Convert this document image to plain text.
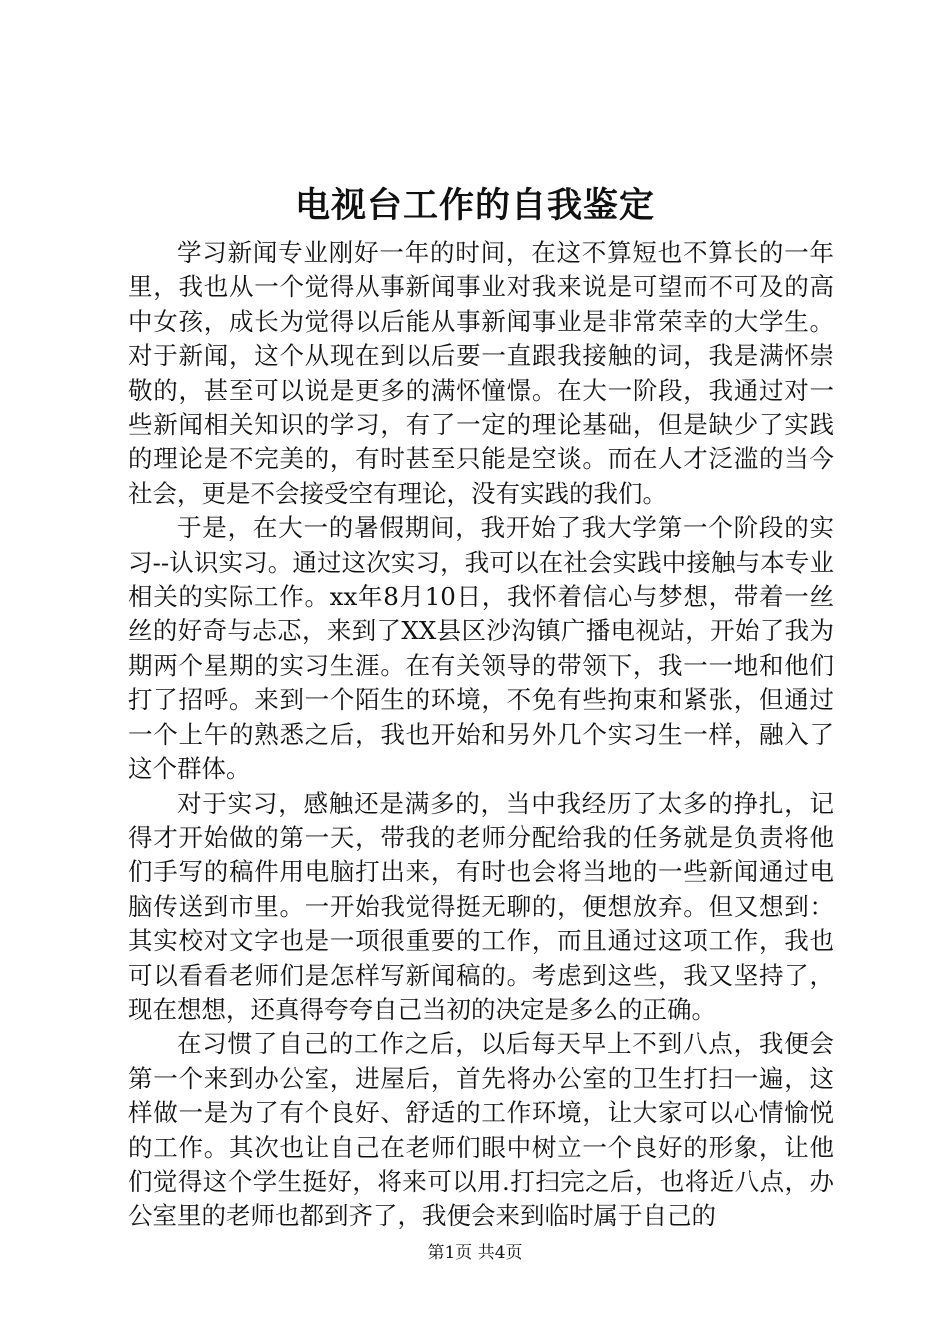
电视台工作的自我鉴定

学习新闻专业刚好一年的时间，在这不算短也不算长的一年里，我也从一个觉得从事新闻事业对我来说是可望而不可及的高中女孩，成长为觉得以后能从事新闻事业是非常荣幸的大学生。对于新闻，这个从现在到以后要一直跟我接触的词，我是满怀崇敬的，甚至可以说是更多的满怀憧憬。在大一阶段，我通过对一些新闻相关知识的学习，有了一定的理论基础，但是缺少了实践的理论是不完美的，有时甚至只能是空谈。而在人才泛滥的当今社会，更是不会接受空有理论，没有实践的我们。

于是，在大一的暑假期间，我开始了我大学第一个阶段的实习--认识实习。通过这次实习，我可以在社会实践中接触与本专业相关的实际工作。xx年8月10日，我怀着信心与梦想，带着一丝丝的好奇与忐忑，来到了XX县区沙沟镇广播电视站，开始了我为期两个星期的实习生涯。在有关领导的带领下，我一一地和他们打了招呼。来到一个陌生的环境，不免有些拘束和紧张，但通过一个上午的熟悉之后，我也开始和另外几个实习生一样，融入了这个群体。

对于实习，感触还是满多的，当中我经历了太多的挣扎，记得才开始做的第一天，带我的老师分配给我的任务就是负责将他们手写的稿件用电脑打出来，有时也会将当地的一些新闻通过电脑传送到市里。一开始我觉得挺无聊的，便想放弃。但又想到：其实校对文字也是一项很重要的工作，而且通过这项工作，我也可以看看老师们是怎样写新闻稿的。考虑到这些，我又坚持了，现在想想，还真得夸夸自己当初的决定是多么的正确。

在习惯了自己的工作之后，以后每天早上不到八点，我便会第一个来到办公室，进屋后，首先将办公室的卫生打扫一遍，这样做一是为了有个良好、舒适的工作环境，让大家可以心情愉悦的工作。其次也让自己在老师们眼中树立一个良好的形象，让他们觉得这个学生挺好，将来可以用.打扫完之后，也将近八点，办公室里的老师也都到齐了，我便会来到临时属于自己的

第1页 共4页
